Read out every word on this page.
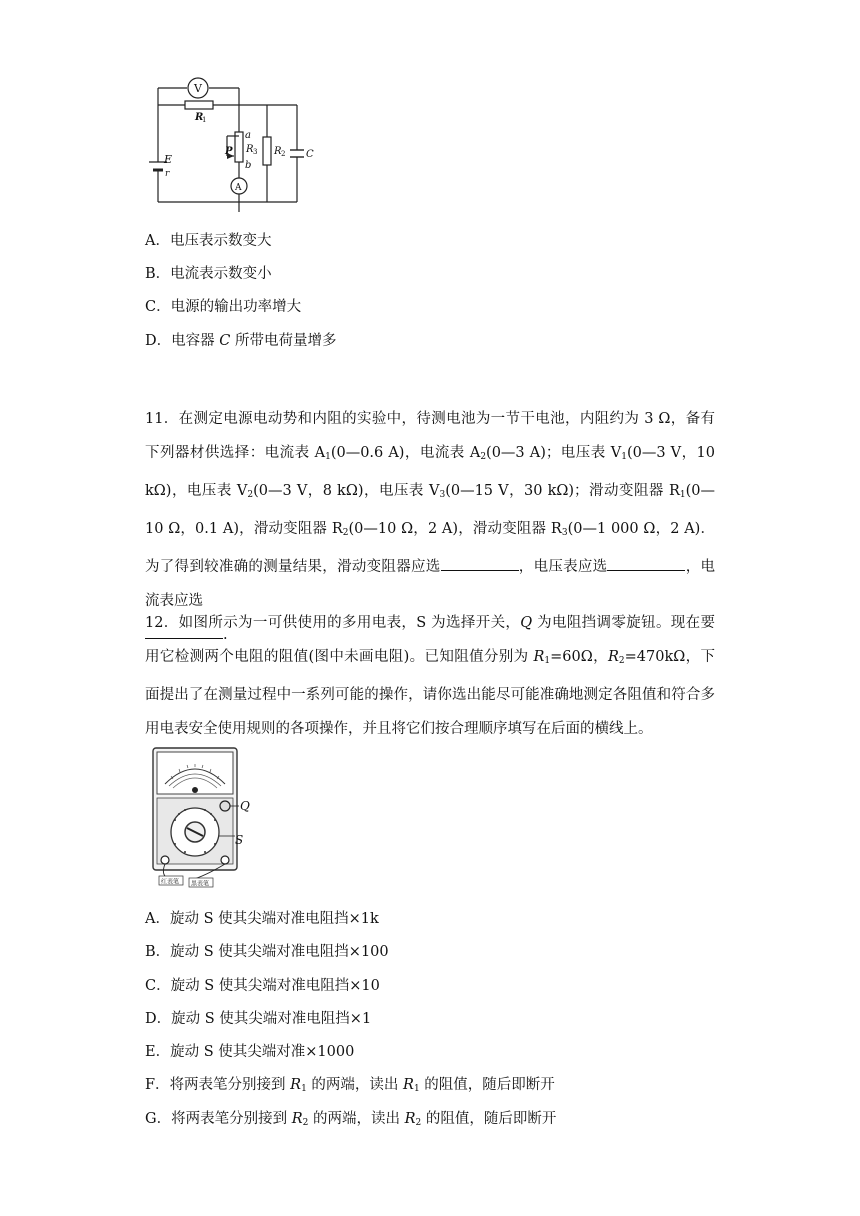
V
A
R
1
R 3 R 2
a
b
P
E
r
C
A．电压表示数变大
B．电流表示数变小
C．电源的输出功率增大
D．电容器 C 所带电荷量增多
11．在测定电源电动势和内阻的实验中，待测电池为一节干电池，内阻约为 3 Ω，备有下列器材供选择：电流表 $A_1(0—0.6$ A)，电流表 $A_2(0—3$ A)；电压表 $V_1(0—3$ V，10 kΩ)，电压表 $V_2(0—3$ V，8 kΩ)，电压表 $V_3(0—15$ V，30 kΩ)；滑动变阻器 $R_1(0—10$ Ω，0.1 A)，滑动变阻器 $R_2(0—10$ Ω，2 A)，滑动变阻器 $R_3(0—1$ 000 Ω，2 A)．为了得到较准确的测量结果，滑动变阻器应选	，电压表应选	，电流表应选
.
12．如图所示为一可供使用的多用电表，S 为选择开关，Q 为电阻挡调零旋钮。现在要用它检测两个电阻的阻值(图中未画电阻)。已知阻值分别为 $R_1=60\Omega$，$R_2=470k\Omega$，下面提出了在测量过程中一系列可能的操作，请你选出能尽可能准确地测定各阻值和符合多用电表安全使用规则的各项操作，并且将它们按合理顺序填写在后面的横线上。
红表笔 黑表笔
Q
S
A．旋动 S 使其尖端对准电阻挡×1k
B．旋动 S 使其尖端对准电阻挡×100
C．旋动 S 使其尖端对准电阻挡×10
D．旋动 S 使其尖端对准电阻挡×1
E．旋动 S 使其尖端对准×1000
F．将两表笔分别接到 $R_1$ 的两端，读出 $R_1$ 的阻值，随后即断开
G．将两表笔分别接到 $R_2$ 的两端，读出 $R_2$ 的阻值，随后即断开
